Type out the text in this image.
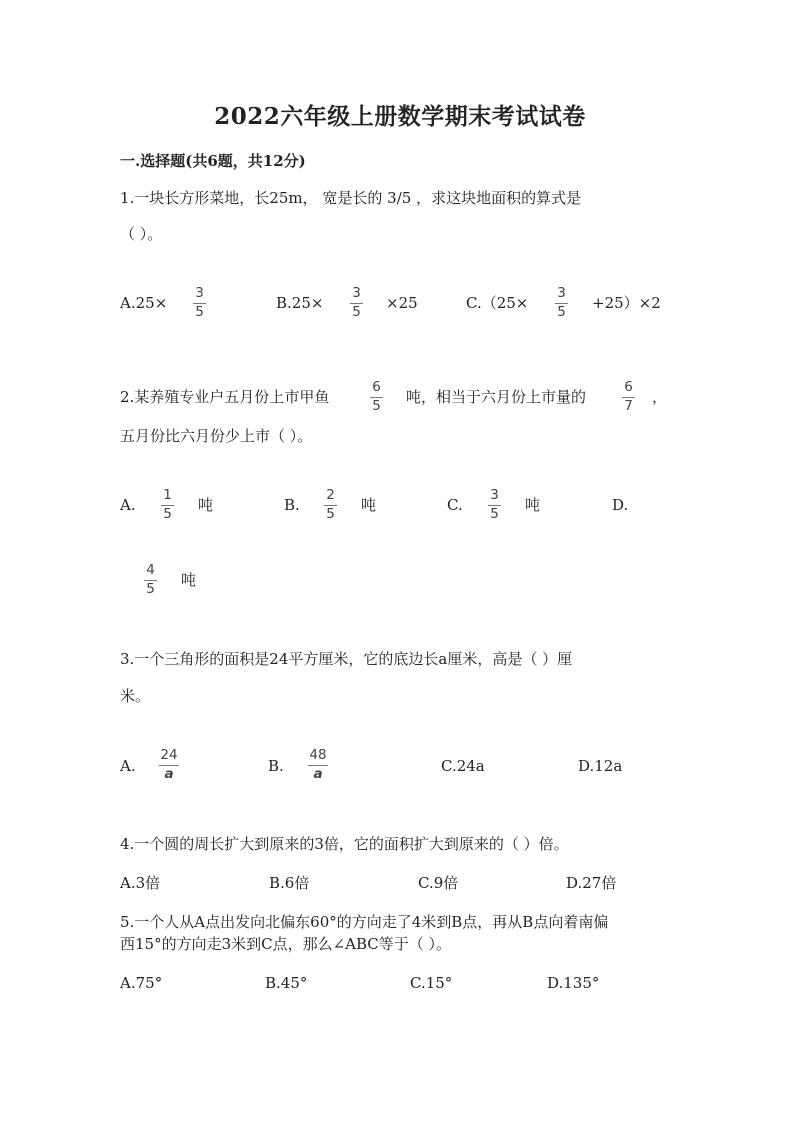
2022六年级上册数学期末考试试卷
一.选择题(共6题，共12分)
1.一块长方形菜地，长25m， 宽是长的 3/5 ，求这块地面积的算式是
（ ）。
A.25×
3
5	B.25×
3
5 ×25	C.（25×
3
5 +25）×2
2.某养殖专业户五月份上市甲鱼
6
5 吨，相当于六月份上市量的
6
7 ，
五月份比六月份少上市（ ）。
A.
1
5 吨	B.
2
5 吨	C.
3
5 吨	D.
4
5 吨
3.一个三角形的面积是24平方厘米，它的底边长a厘米，高是（ ）厘
米。
A.
24
a	B.
48
a	C.24a	D.12a
4.一个圆的周长扩大到原来的3倍，它的面积扩大到原来的（ ）倍。
A.3倍	B.6倍	C.9倍	D.27倍
5.一个人从A点出发向北偏东60°的方向走了4米到B点，再从B点向着南偏
西15°的方向走3米到C点，那么∠ABC等于（ ）。
A.75°	B.45°	C.15°	D.135°
